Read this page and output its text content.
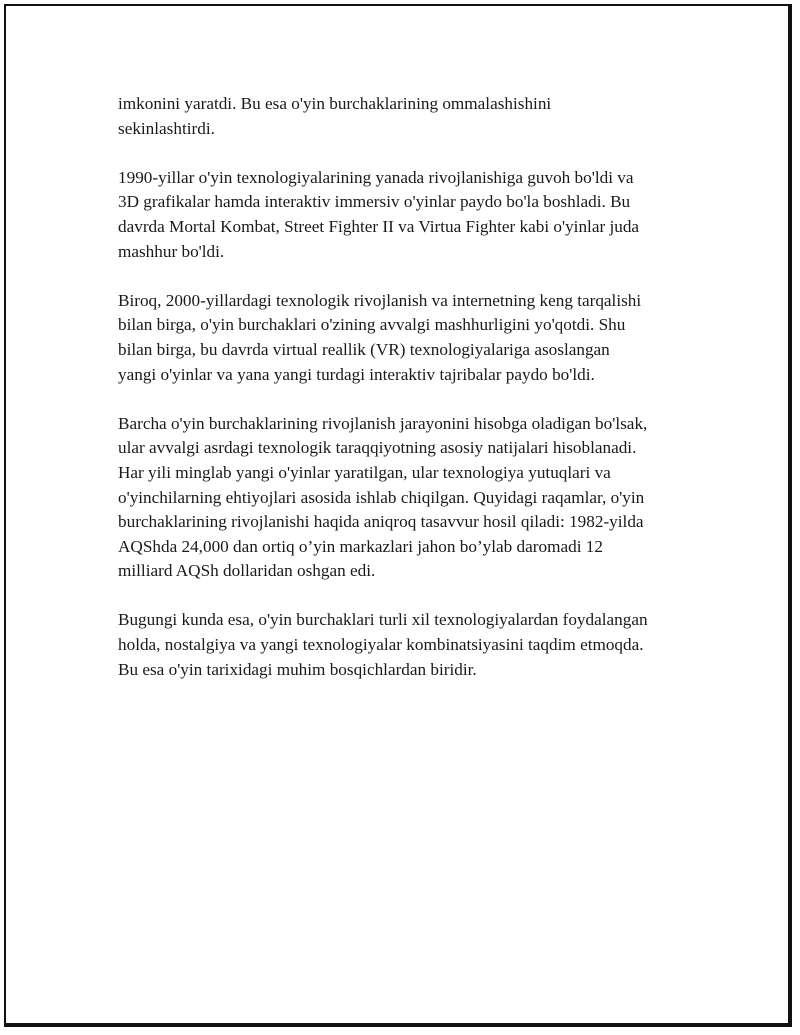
imkonini yaratdi. Bu esa o'yin burchaklarining ommalashishini
sekinlashtirdi.

1990-yillar o'yin texnologiyalarining yanada rivojlanishiga guvoh bo'ldi va
3D grafikalar hamda interaktiv immersiv o'yinlar paydo bo'la boshladi. Bu
davrda Mortal Kombat, Street Fighter II va Virtua Fighter kabi o'yinlar juda
mashhur bo'ldi.

Biroq, 2000-yillardagi texnologik rivojlanish va internetning keng tarqalishi
bilan birga, o'yin burchaklari o'zining avvalgi mashhurligini yo'qotdi. Shu
bilan birga, bu davrda virtual reallik (VR) texnologiyalariga asoslangan
yangi o'yinlar va yana yangi turdagi interaktiv tajribalar paydo bo'ldi.

Barcha o'yin burchaklarining rivojlanish jarayonini hisobga oladigan bo'lsak,
ular avvalgi asrdagi texnologik taraqqiyotning asosiy natijalari hisoblanadi.
Har yili minglab yangi o'yinlar yaratilgan, ular texnologiya yutuqlari va
o'yinchilarning ehtiyojlari asosida ishlab chiqilgan. Quyidagi raqamlar, o'yin
burchaklarining rivojlanishi haqida aniqroq tasavvur hosil qiladi: 1982-yilda
AQShda 24,000 dan ortiq o’yin markazlari jahon bo’ylab daromadi 12
milliard AQSh dollaridan oshgan edi.

Bugungi kunda esa, o'yin burchaklari turli xil texnologiyalardan foydalangan
holda, nostalgiya va yangi texnologiyalar kombinatsiyasini taqdim etmoqda.
Bu esa o'yin tarixidagi muhim bosqichlardan biridir.
